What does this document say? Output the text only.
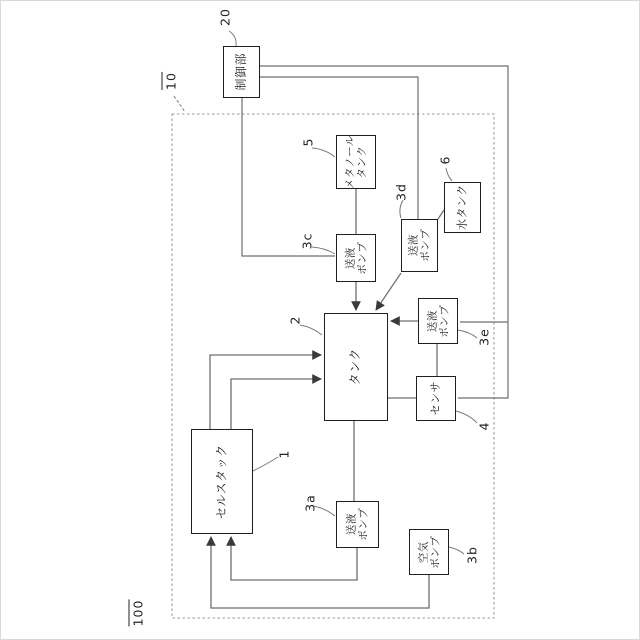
制御部
メタノール タンク
水タンク
送液 ポンプ	送液 ポンプ
送液 ポンプ
センサ
タンク
セルスタック
送液 ポンプ
空気 ポンプ
20
10
100
5
3c
2
3d
6
3e
4
1
3a
3b
